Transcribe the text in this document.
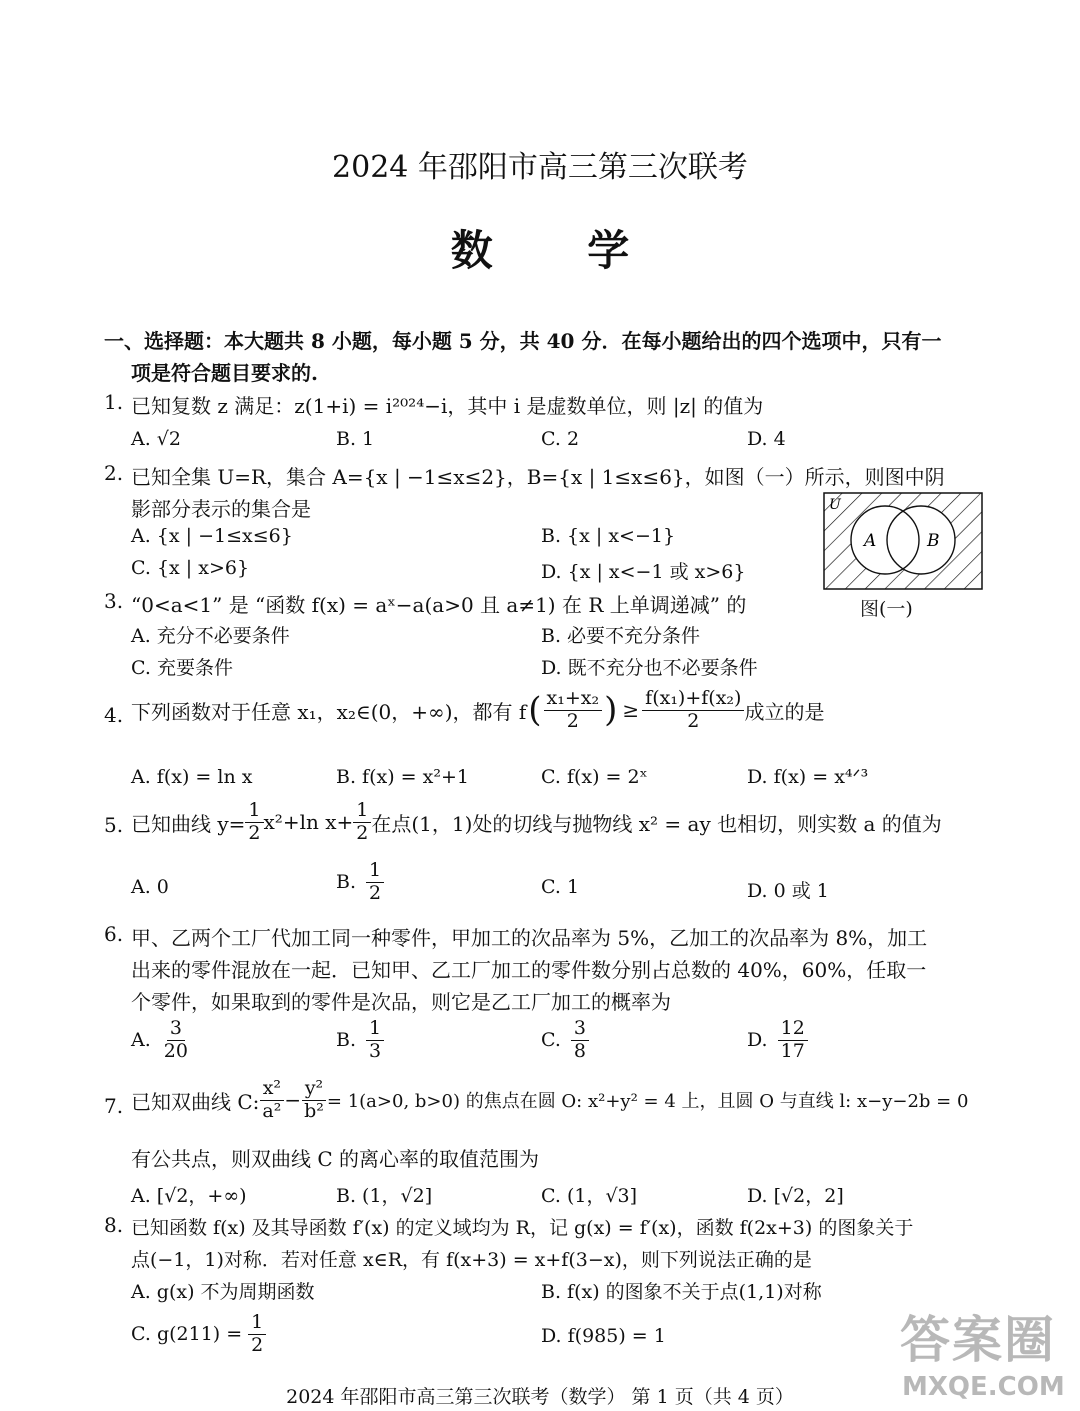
2024 年邵阳市高三第三次联考
数 学
一、选择题：本大题共 8 小题，每小题 5 分，共 40 分．在每小题给出的四个选项中，只有一
项是符合题目要求的.
1. 已知复数 z 满足：z(1+i) = i²⁰²⁴−i，其中 i 是虚数单位，则 |z| 的值为
A. √2	B. 1	C. 2	D. 4
2. 已知全集 U=R，集合 A={x | −1≤x≤2}，B={x | 1≤x≤6}，如图（一）所示，则图中阴
影部分表示的集合是
A. {x | −1≤x≤6}	B. {x | x<−1}
C. {x | x>6}	D. {x | x<−1 或 x>6}
U
A	B
图(一)
3. “0<a<1” 是 “函数 f(x) = aˣ−a(a>0 且 a≠1) 在 R 上单调递减” 的
A. 充分不必要条件	B. 必要不充分条件
C. 充要条件	D. 既不充分也不必要条件
4. 下列函数对于任意 x₁，x₂∈(0，+∞)，都有 f ( $\frac{\text{x₁+x₂}}{2}$ ) ≥ $\frac{\text{f(x₁)+f(x₂)}}{2}$ 成立的是
A. f(x) = ln x	B. f(x) = x²+1	C. f(x) = 2ˣ	D. f(x) = x⁴ᐟ³
5. 已知曲线 $y= \frac{1}{2} x^2+\ln$ $x+ \frac{1}{2}$ 在点(1，1)处的切线与抛物线 x² = ay 也相切，则实数 a 的值为
A. 0	B. $\frac{1}{2}$	C. 1	D. 0 或 1
6. 甲、乙两个工厂代加工同一种零件，甲加工的次品率为 5%，乙加工的次品率为 8%，加工
出来的零件混放在一起．已知甲、乙工厂加工的零件数分别占总数的 40%，60%，任取一
个零件，如果取到的零件是次品，则它是乙工厂加工的概率为
A. $\frac{3}{20}$	B. $\frac{1}{3}$	C. $\frac{3}{8}$	D. $\frac{12}{17}$
7. 已知双曲线 C: $\frac{\text{x²}}{\text{a²}} - \frac{\text{y²}}{\text{b²}} = 1(a>0$, b>0) 的焦点在圆 O: x²+y² = 4 上，且圆 O 与直线 l: x−y−2b = 0
有公共点，则双曲线 C 的离心率的取值范围为
A. [√2，+∞)	B. (1，√2]	C. (1，√3]	D. [√2，2]
8. 已知函数 f(x) 及其导函数 f′(x) 的定义域均为 R，记 g(x) = f′(x)，函数 f(2x+3) 的图象关于
点(−1，1)对称．若对任意 x∈R，有 f(x+3) = x+f(3−x)，则下列说法正确的是
A. g(x) 不为周期函数	B. f(x) 的图象不关于点(1,1)对称
C. $g(211) = \frac{1}{2}$	D. f(985) = 1	答案圈
MXQE.COM
2024 年邵阳市高三第三次联考（数学） 第 1 页（共 4 页）
